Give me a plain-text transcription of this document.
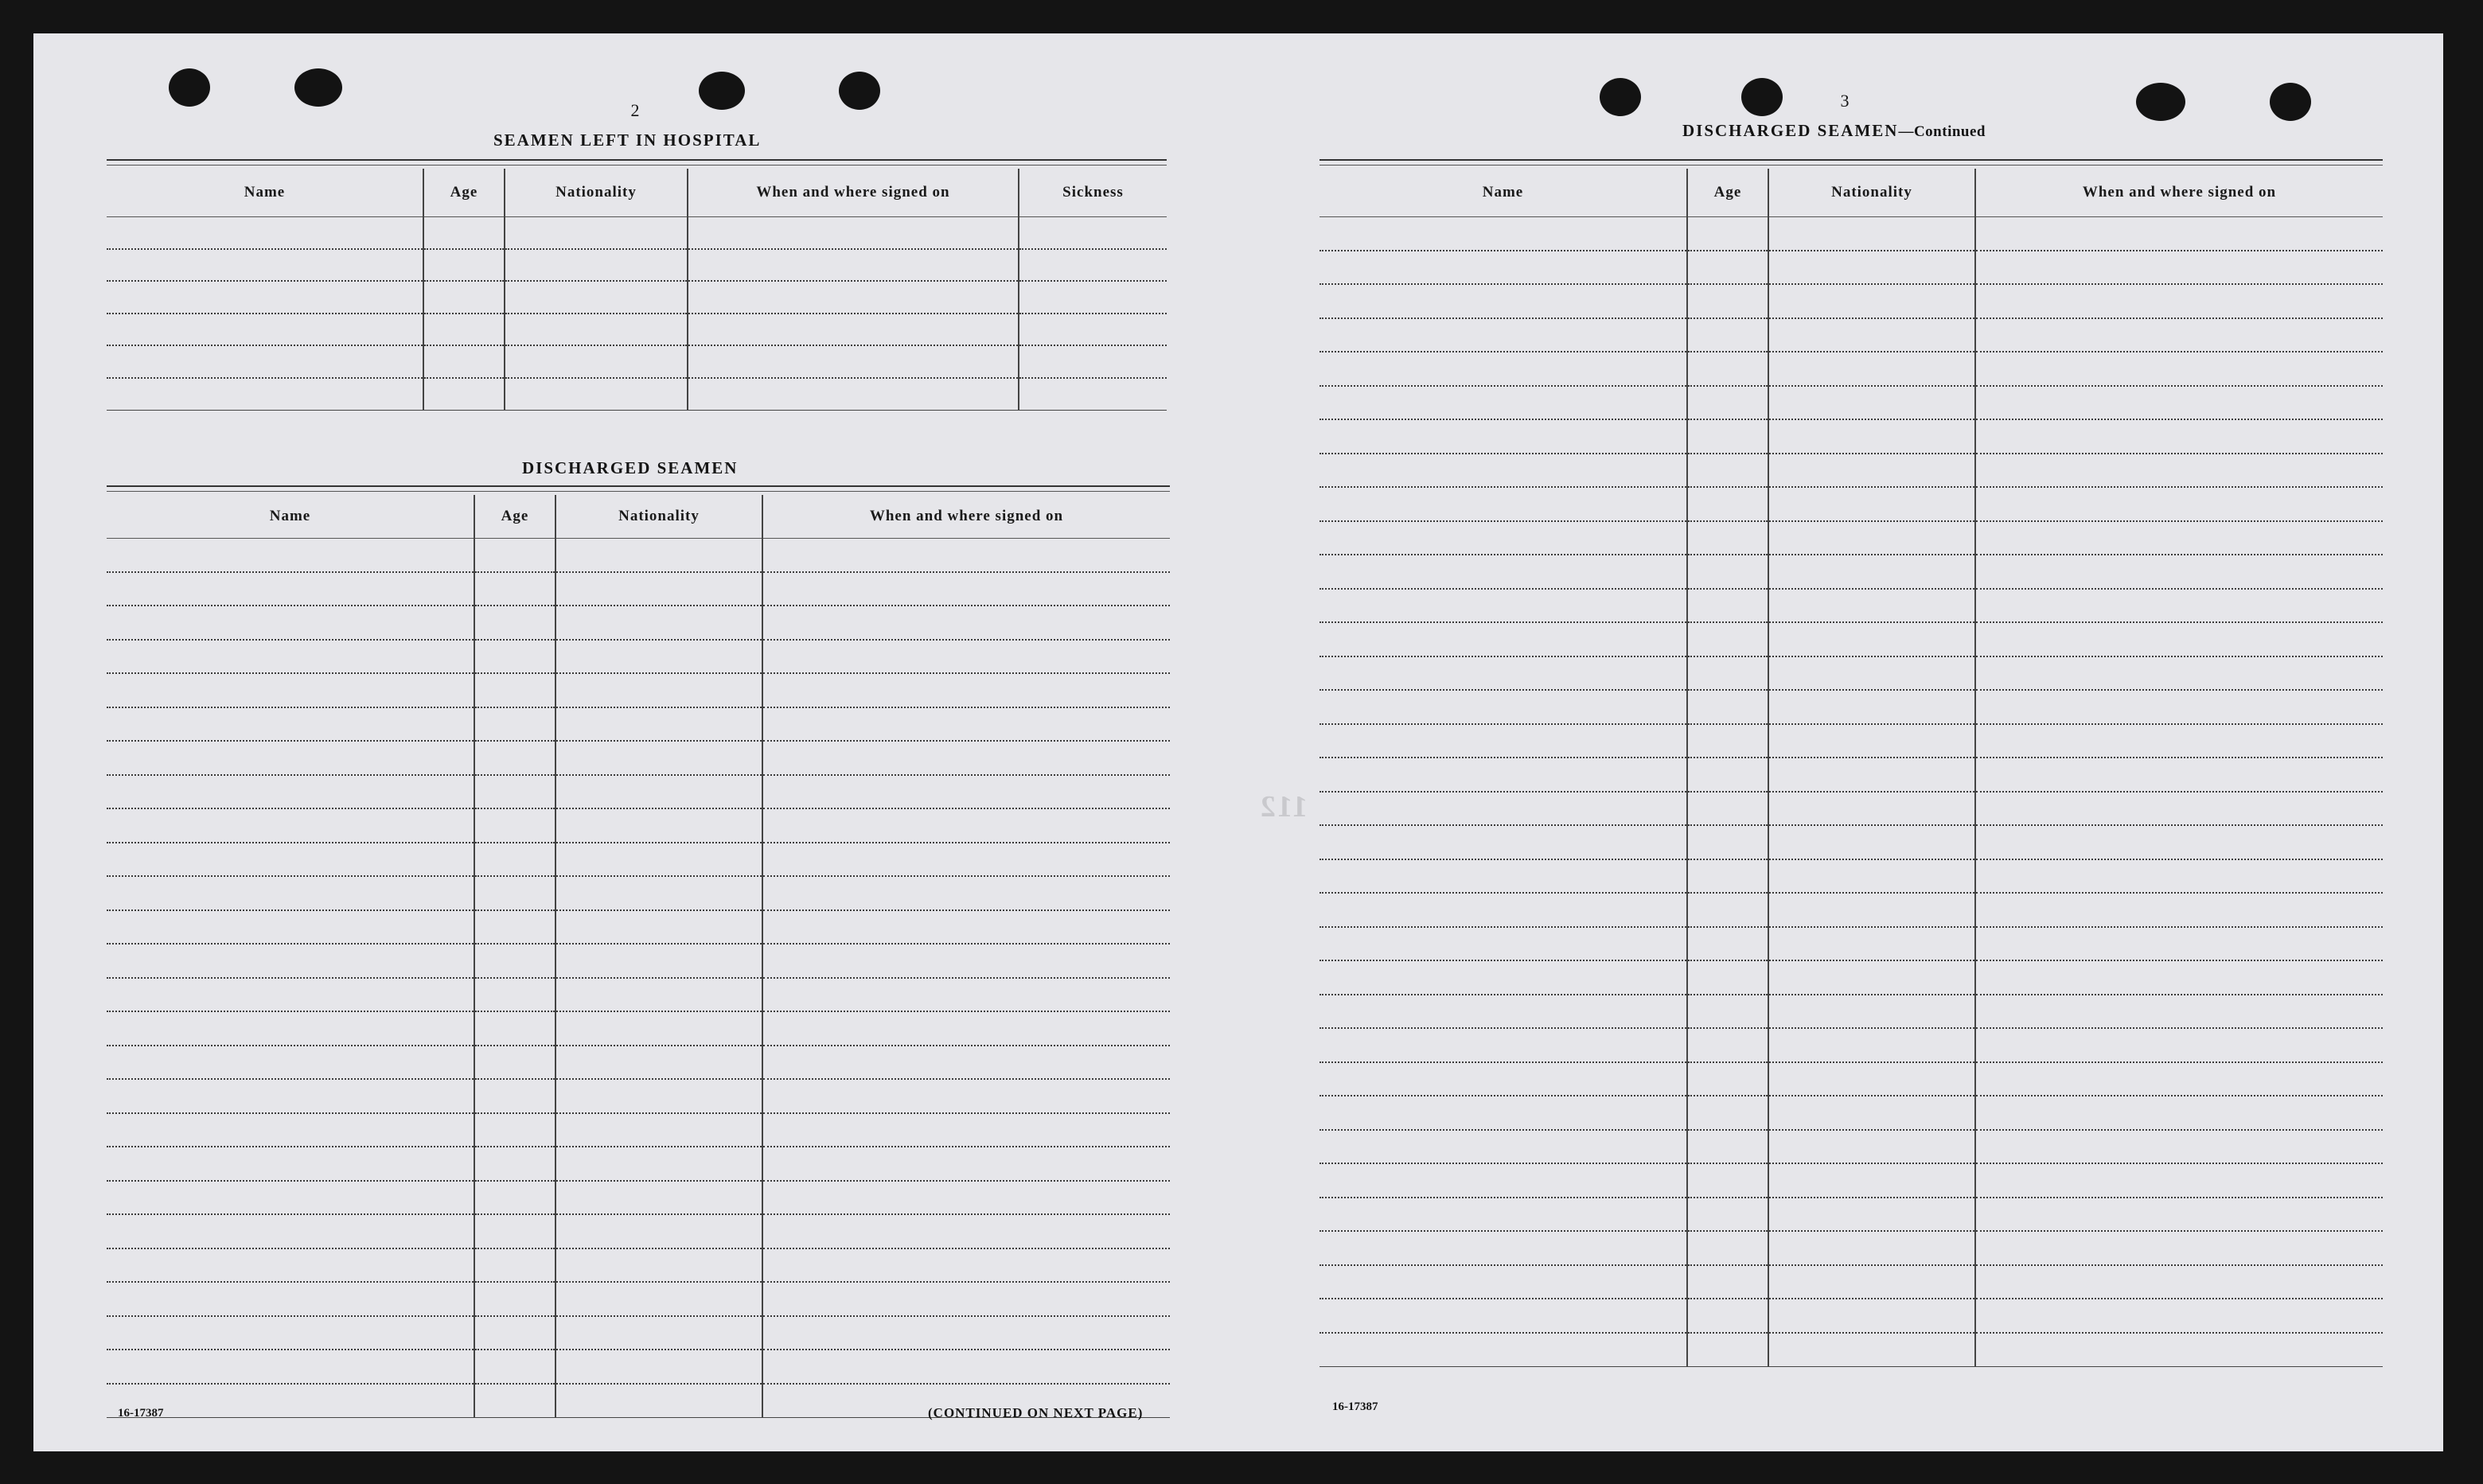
112
2
SEAMEN LEFT IN HOSPITAL
Name	Age	Nationality	When and where signed on	Sickness

DISCHARGED SEAMEN
Name	Age	Nationality	When and where signed on

16-17387	(CONTINUED ON NEXT PAGE)
3
DISCHARGED SEAMEN—Continued
Name	Age	Nationality	When and where signed on

16-17387
